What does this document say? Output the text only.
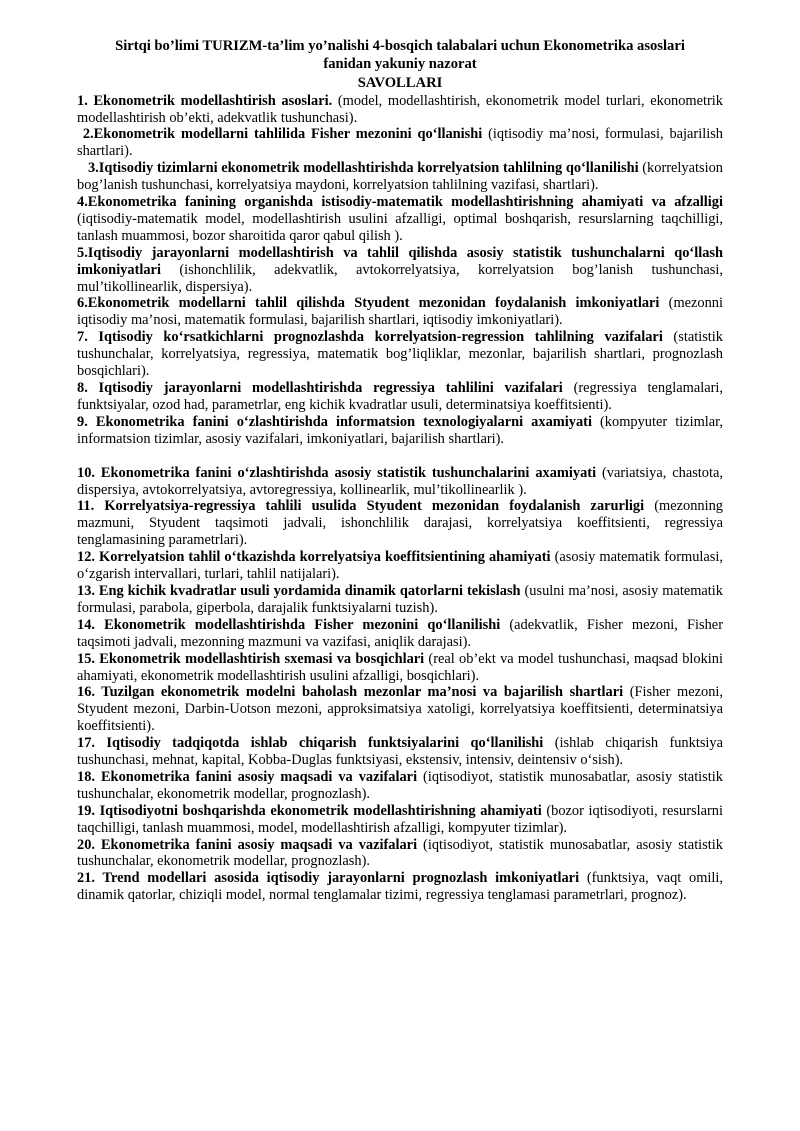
Sirtqi bo’limi TURIZM-ta’lim yo’nalishi 4-bosqich talabalari uchun Ekonometrika asoslari

fanidan yakuniy nazorat

SAVOLLARI

1. Ekonometrik modellashtirish asoslari. (model, modellashtirish, ekonometrik model turlari, ekonometrik modellashtirish ob’ekti, adekvatlik tushunchasi).

2.Ekonometrik modellarni tahlilida Fisher mezonini qo‘llanishi (iqtisodiy ma’nosi, formulasi, bajarilish shartlari).

3.Iqtisodiy tizimlarni ekonometrik modellashtirishda korrelyatsion tahlilning qo‘llanilishi (korrelyatsion bog’lanish tushunchasi, korrelyatsiya maydoni, korrelyatsion tahlilning vazifasi, shartlari).

4.Ekonometrika fanining organishda istisodiy-matematik modellashtirishning ahamiyati va afzalligi (iqtisodiy-matematik model, modellashtirish usulini afzalligi, optimal boshqarish, resurslarning taqchilligi, tanlash muammosi, bozor sharoitida qaror qabul qilish ).

5.Iqtisodiy jarayonlarni modellashtirish va tahlil qilishda asosiy statistik tushunchalarni qo‘llash imkoniyatlari (ishonchlilik, adekvatlik, avtokorrelyatsiya, korrelyatsion bog’lanish tushunchasi, mul’tikollinearlik, dispersiya).

6.Ekonometrik modellarni tahlil qilishda Styudent mezonidan foydalanish imkoniyatlari (mezonni iqtisodiy ma’nosi, matematik formulasi, bajarilish shartlari, iqtisodiy imkoniyatlari).

7. Iqtisodiy ko‘rsatkichlarni prognozlashda korrelyatsion-regression tahlilning vazifalari (statistik tushunchalar, korrelyatsiya, regressiya, matematik bog’liqliklar, mezonlar, bajarilish shartlari, prognozlash bosqichlari).

8. Iqtisodiy jarayonlarni modellashtirishda regressiya tahlilini vazifalari (regressiya tenglamalari, funktsiyalar, ozod had, parametrlar, eng kichik kvadratlar usuli, determinatsiya koeffitsienti).

9. Ekonometrika fanini o‘zlashtirishda informatsion texnologiyalarni axamiyati (kompyuter tizimlar, informatsion tizimlar, asosiy vazifalari, imkoniyatlari, bajarilish shartlari).

10. Ekonometrika fanini o‘zlashtirishda asosiy statistik tushunchalarini axamiyati (variatsiya, chastota, dispersiya, avtokorrelyatsiya, avtoregressiya, kollinearlik, mul’tikollinearlik ).

11. Korrelyatsiya-regressiya tahlili usulida Styudent mezonidan foydalanish zarurligi (mezonning mazmuni, Styudent taqsimoti jadvali, ishonchlilik darajasi, korrelyatsiya koeffitsienti, regressiya tenglamasining parametrlari).

12. Korrelyatsion tahlil o‘tkazishda korrelyatsiya koeffitsientining ahamiyati (asosiy matematik formulasi, o‘zgarish intervallari, turlari, tahlil natijalari).

13. Eng kichik kvadratlar usuli yordamida dinamik qatorlarni tekislash (usulni ma’nosi, asosiy matematik formulasi, parabola, giperbola, darajalik funktsiyalarni tuzish).

14. Ekonometrik modellashtirishda Fisher mezonini qo‘llanilishi (adekvatlik, Fisher mezoni, Fisher taqsimoti jadvali, mezonning mazmuni va vazifasi, aniqlik darajasi).

15. Ekonometrik modellashtirish sxemasi va bosqichlari (real ob’ekt va model tushunchasi, maqsad blokini ahamiyati, ekonometrik modellashtirish usulini afzalligi, bosqichlari).

16. Tuzilgan ekonometrik modelni baholash mezonlar ma’nosi va bajarilish shartlari (Fisher mezoni, Styudent mezoni, Darbin-Uotson mezoni, approksimatsiya xatoligi, korrelyatsiya koeffitsienti, determinatsiya koeffitsienti).

17. Iqtisodiy tadqiqotda ishlab chiqarish funktsiyalarini qo‘llanilishi (ishlab chiqarish funktsiya tushunchasi, mehnat, kapital, Kobba-Duglas funktsiyasi, ekstensiv, intensiv, deintensiv o‘sish).

18. Ekonometrika fanini asosiy maqsadi va vazifalari (iqtisodiyot, statistik munosabatlar, asosiy statistik tushunchalar, ekonometrik modellar, prognozlash).

19. Iqtisodiyotni boshqarishda ekonometrik modellashtirishning ahamiyati (bozor iqtisodiyoti, resurslarni taqchilligi, tanlash muammosi, model, modellashtirish afzalligi, kompyuter tizimlar).

20. Ekonometrika fanini asosiy maqsadi va vazifalari (iqtisodiyot, statistik munosabatlar, asosiy statistik tushunchalar, ekonometrik modellar, prognozlash).

21. Trend modellari asosida iqtisodiy jarayonlarni prognozlash imkoniyatlari (funktsiya, vaqt omili, dinamik qatorlar, chiziqli model, normal tenglamalar tizimi, regressiya tenglamasi parametrlari, prognoz).
